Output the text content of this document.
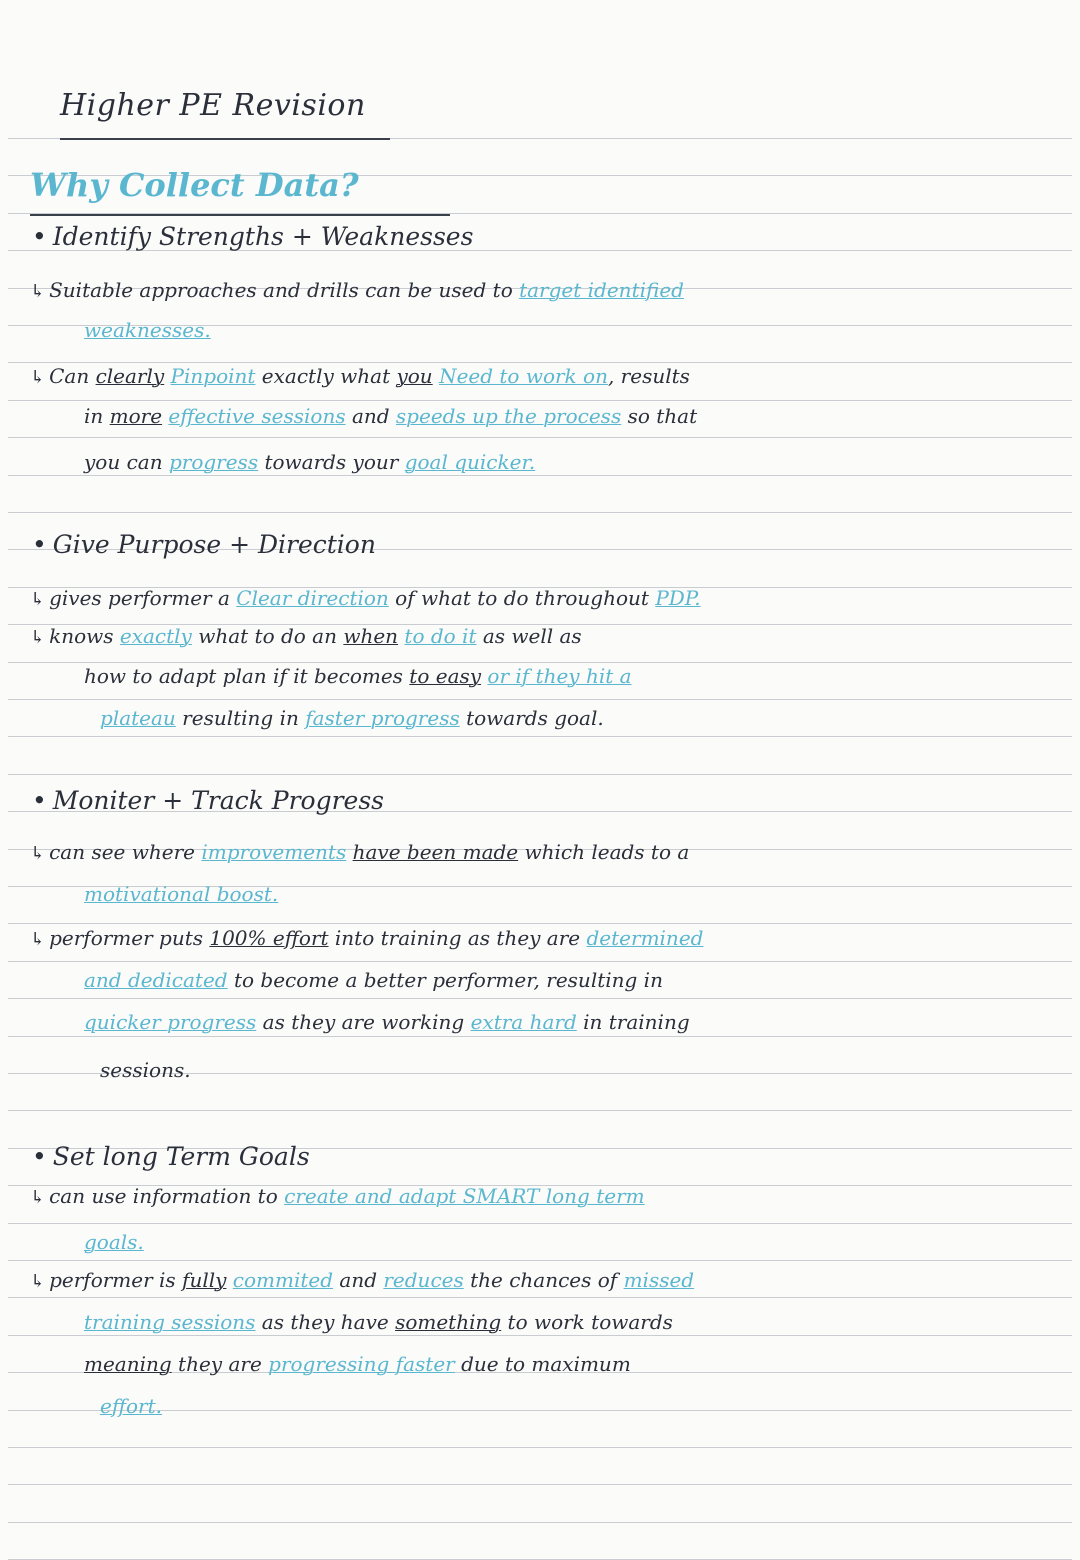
Higher PE Revision
Why Collect Data?
• Identify Strengths + Weaknesses
↳ Suitable approaches and drills can be used to target identified
weaknesses.
↳ Can clearly Pinpoint exactly what you Need to work on, results
in more effective sessions and speeds up the process so that
you can progress towards your goal quicker.
• Give Purpose + Direction
↳ gives performer a Clear direction of what to do throughout PDP.
↳ knows exactly what to do an when to do it as well as
how to adapt plan if it becomes to easy or if they hit a
plateau resulting in faster progress towards goal.
• Moniter + Track Progress
↳ can see where improvements have been made which leads to a
motivational boost.
↳ performer puts 100% effort into training as they are determined
and dedicated to become a better performer, resulting in
quicker progress as they are working extra hard in training
sessions.
• Set long Term Goals
↳ can use information to create and adapt SMART long term
goals.
↳ performer is fully commited and reduces the chances of missed
training sessions as they have something to work towards
meaning they are progressing faster due to maximum
effort.
